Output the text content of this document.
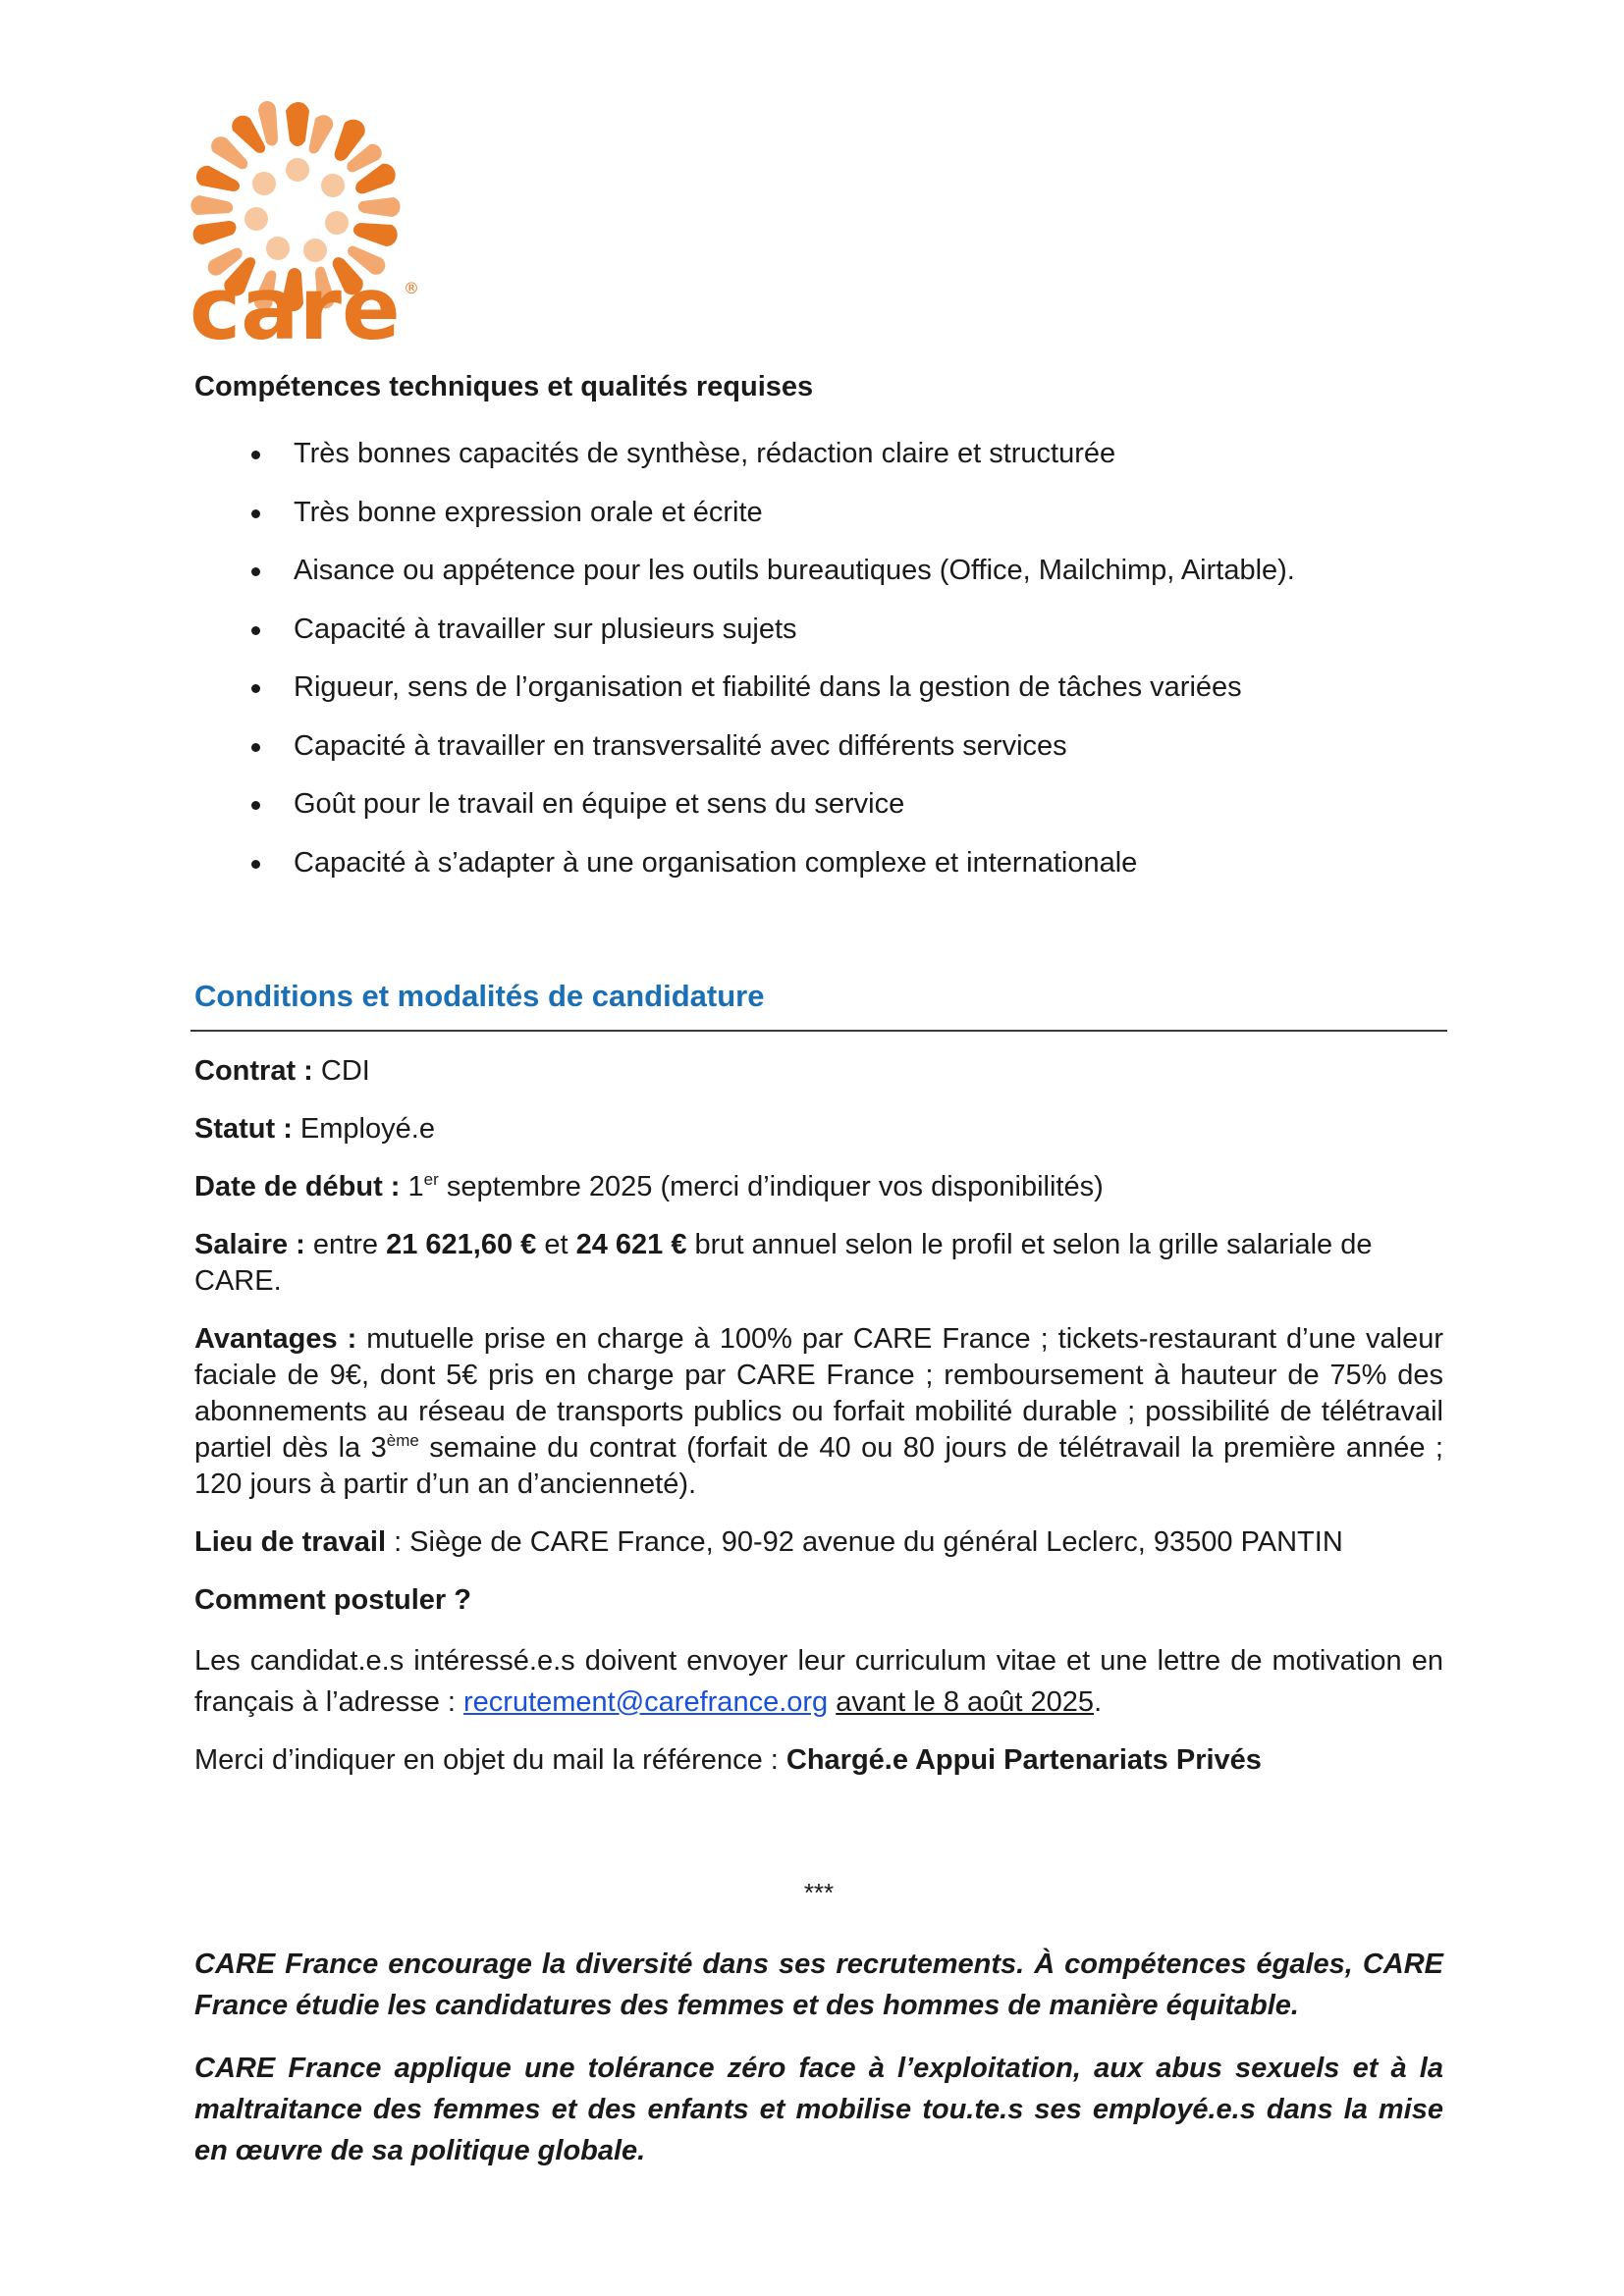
care ®
Compétences techniques et qualités requises
Très bonnes capacités de synthèse, rédaction claire et structurée
Très bonne expression orale et écrite
Aisance ou appétence pour les outils bureautiques (Office, Mailchimp, Airtable).
Capacité à travailler sur plusieurs sujets
Rigueur, sens de l’organisation et fiabilité dans la gestion de tâches variées
Capacité à travailler en transversalité avec différents services
Goût pour le travail en équipe et sens du service
Capacité à s’adapter à une organisation complexe et internationale
Conditions et modalités de candidature

Contrat : CDI

Statut : Employé.e

Date de début : 1er septembre 2025 (merci d’indiquer vos disponibilités)

Salaire : entre 21 621,60 € et 24 621 € brut annuel selon le profil et selon la grille salariale de CARE.

Avantages : mutuelle prise en charge à 100% par CARE France ; tickets-restaurant d’une valeur faciale de 9€, dont 5€ pris en charge par CARE France ; remboursement à hauteur de 75% des abonnements au réseau de transports publics ou forfait mobilité durable ; possibilité de télétravail partiel dès la 3ème semaine du contrat (forfait de 40 ou 80 jours de télétravail la première année ; 120 jours à partir d’un an d’ancienneté).

Lieu de travail : Siège de CARE France, 90-92 avenue du général Leclerc, 93500 PANTIN

Comment postuler ?

Les candidat.e.s intéressé.e.s doivent envoyer leur curriculum vitae et une lettre de motivation en français à l’adresse : recrutement@carefrance.org avant le 8 août 2025.

Merci d’indiquer en objet du mail la référence : Chargé.e Appui Partenariats Privés

***

CARE France encourage la diversité dans ses recrutements. À compétences égales, CARE France étudie les candidatures des femmes et des hommes de manière équitable.

CARE France applique une tolérance zéro face à l’exploitation, aux abus sexuels et à la maltraitance des femmes et des enfants et mobilise tou.te.s ses employé.e.s dans la mise en œuvre de sa politique globale.
